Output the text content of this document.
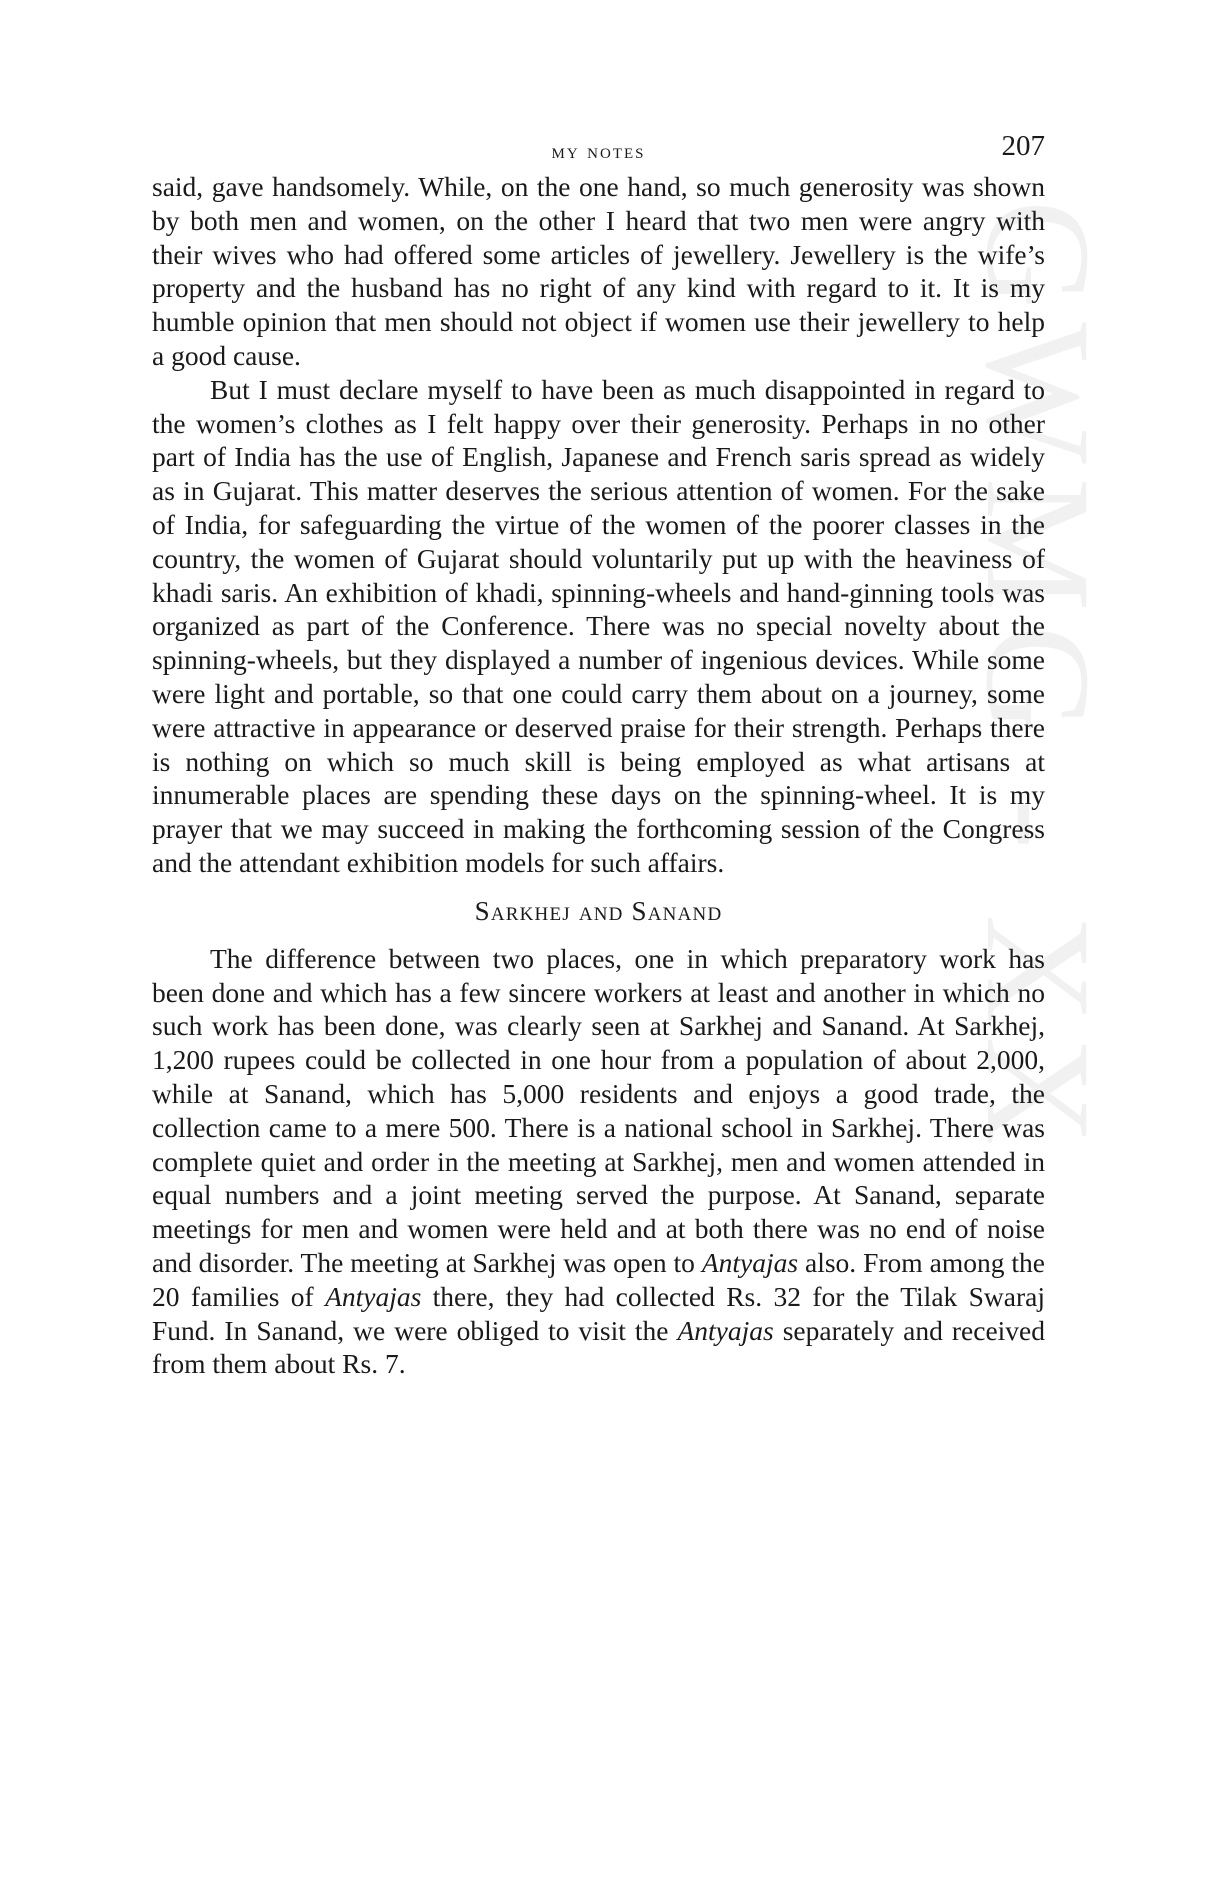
GWMG - XX
my notes	207

said, gave handsomely. While, on the one hand, so much generosity was shown by both men and women, on the other I heard that two men were angry with their wives who had offered some articles of jewellery. Jewellery is the wife’s property and the husband has no right of any kind with regard to it. It is my humble opinion that men should not object if women use their jewellery to help a good cause.

But I must declare myself to have been as much disappointed in regard to the women’s clothes as I felt happy over their generosity. Perhaps in no other part of India has the use of English, Japanese and French saris spread as widely as in Gujarat. This matter deserves the serious attention of women. For the sake of India, for safeguarding the virtue of the women of the poorer classes in the country, the women of Gujarat should voluntarily put up with the heaviness of khadi saris. An exhibition of khadi, spinning-wheels and hand-ginning tools was organized as part of the Conference. There was no special novelty about the spinning-wheels, but they displayed a number of ingenious devices. While some were light and portable, so that one could carry them about on a journey, some were attractive in appearance or deserved praise for their strength. Perhaps there is nothing on which so much skill is being employed as what artisans at innumerable places are spending these days on the spinning-wheel. It is my prayer that we may succeed in making the forthcoming session of the Congress and the attendant exhibition models for such affairs.

Sarkhej and Sanand

The difference between two places, one in which preparatory work has been done and which has a few sincere workers at least and another in which no such work has been done, was clearly seen at Sarkhej and Sanand. At Sarkhej, 1,200 rupees could be collected in one hour from a population of about 2,000, while at Sanand, which has 5,000 residents and enjoys a good trade, the collection came to a mere 500. There is a national school in Sarkhej. There was complete quiet and order in the meeting at Sarkhej, men and women attended in equal numbers and a joint meeting served the purpose. At Sanand, separate meetings for men and women were held and at both there was no end of noise and disorder. The meeting at Sarkhej was open to Antyajas also. From among the 20 families of Antyajas there, they had collected Rs. 32 for the Tilak Swaraj Fund. In Sanand, we were obliged to visit the Antyajas separately and received from them about Rs. 7.
